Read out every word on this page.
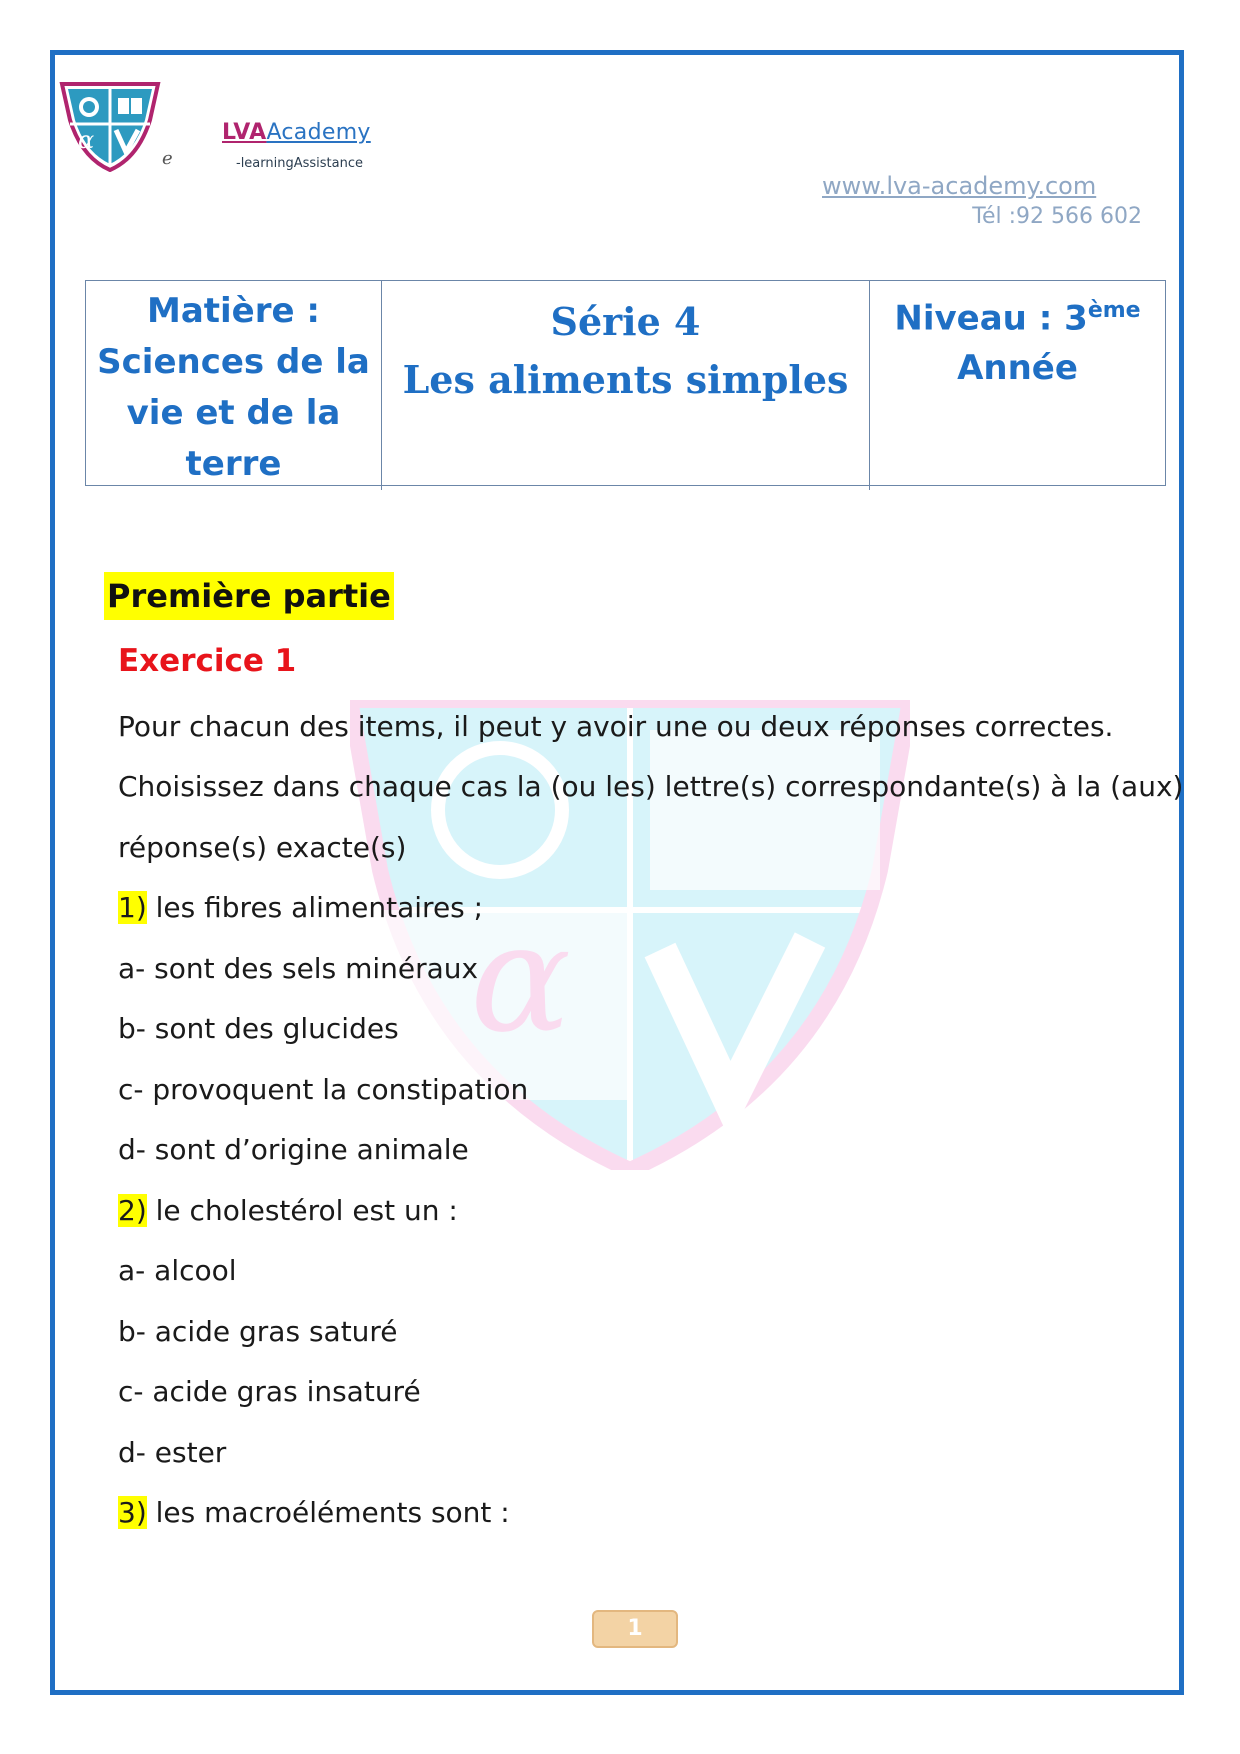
α
e
LVAAcademy
-learningAssistance
www.lva-academy.com
Tél :92 566 602
Matière :
Sciences de la
vie et de la
terre
Série 4
Les aliments simples
Niveau : 3ème
Année
α
Première partie
Exercice 1
Pour chacun des items, il peut y avoir une ou deux réponses correctes.
Choisissez dans chaque cas la (ou les) lettre(s) correspondante(s) à la (aux)
réponse(s) exacte(s)
1) les fibres alimentaires ;
a- sont des sels minéraux
b- sont des glucides
c- provoquent la constipation
d- sont d’origine animale
2) le cholestérol est un :
a- alcool
b- acide gras saturé
c- acide gras insaturé
d- ester
3) les macroéléments sont :
1
